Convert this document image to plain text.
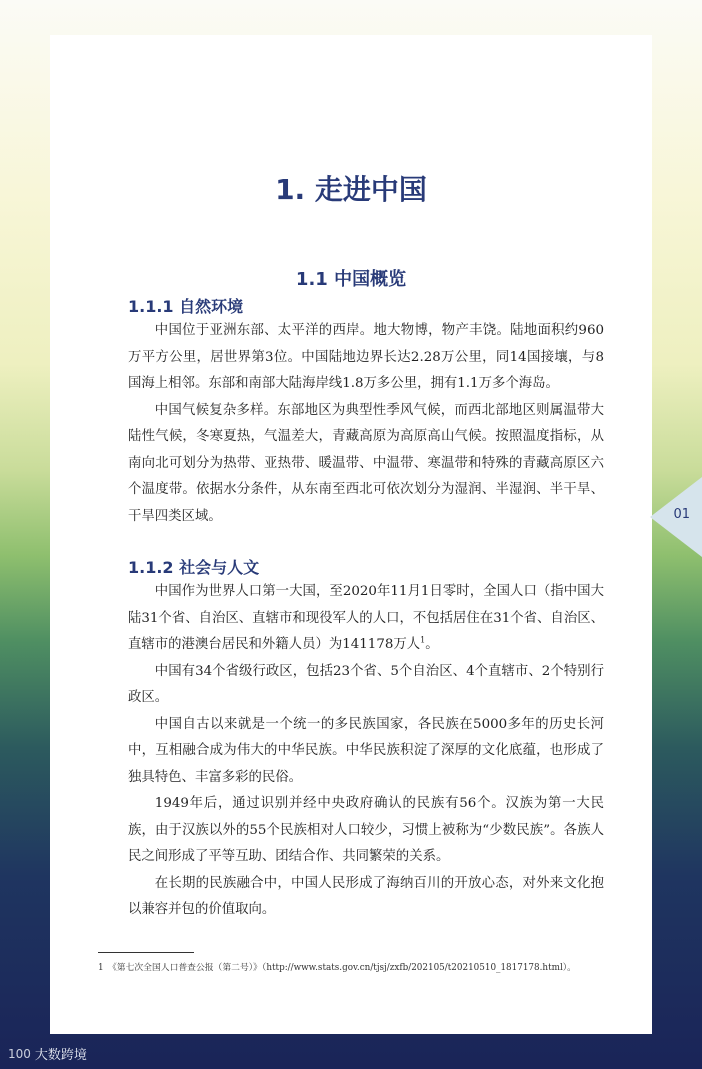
1. 走进中国
1.1 中国概览
1.1.1 自然环境

中国位于亚洲东部、太平洋的西岸。地大物博，物产丰饶。陆地面积约960万平方公里，居世界第3位。中国陆地边界长达2.28万公里，同14国接壤，与8国海上相邻。东部和南部大陆海岸线1.8万多公里，拥有1.1万多个海岛。

中国气候复杂多样。东部地区为典型性季风气候，而西北部地区则属温带大陆性气候，冬寒夏热，气温差大，青藏高原为高原高山气候。按照温度指标，从南向北可划分为热带、亚热带、暖温带、中温带、寒温带和特殊的青藏高原区六个温度带。依据水分条件，从东南至西北可依次划分为湿润、半湿润、半干旱、干旱四类区域。

1.1.2 社会与人文

中国作为世界人口第一大国，至2020年11月1日零时，全国人口（指中国大陆31个省、自治区、直辖市和现役军人的人口，不包括居住在31个省、自治区、直辖市的港澳台居民和外籍人员）为141178万人$^1$。

中国有34个省级行政区，包括23个省、5个自治区、4个直辖市、2个特别行政区。

中国自古以来就是一个统一的多民族国家，各民族在5000多年的历史长河中，互相融合成为伟大的中华民族。中华民族积淀了深厚的文化底蕴，也形成了独具特色、丰富多彩的民俗。

1949年后，通过识别并经中央政府确认的民族有56个。汉族为第一大民族，由于汉族以外的55个民族相对人口较少，习惯上被称为“少数民族”。各族人民之间形成了平等互助、团结合作、共同繁荣的关系。

在长期的民族融合中，中国人民形成了海纳百川的开放心态，对外来文化抱以兼容并包的价值取向。

1　《第七次全国人口普查公报（第二号）》（http://www.stats.gov.cn/tjsj/zxfb/202105/t20210510_1817178.html）。
01
100 大数跨境
